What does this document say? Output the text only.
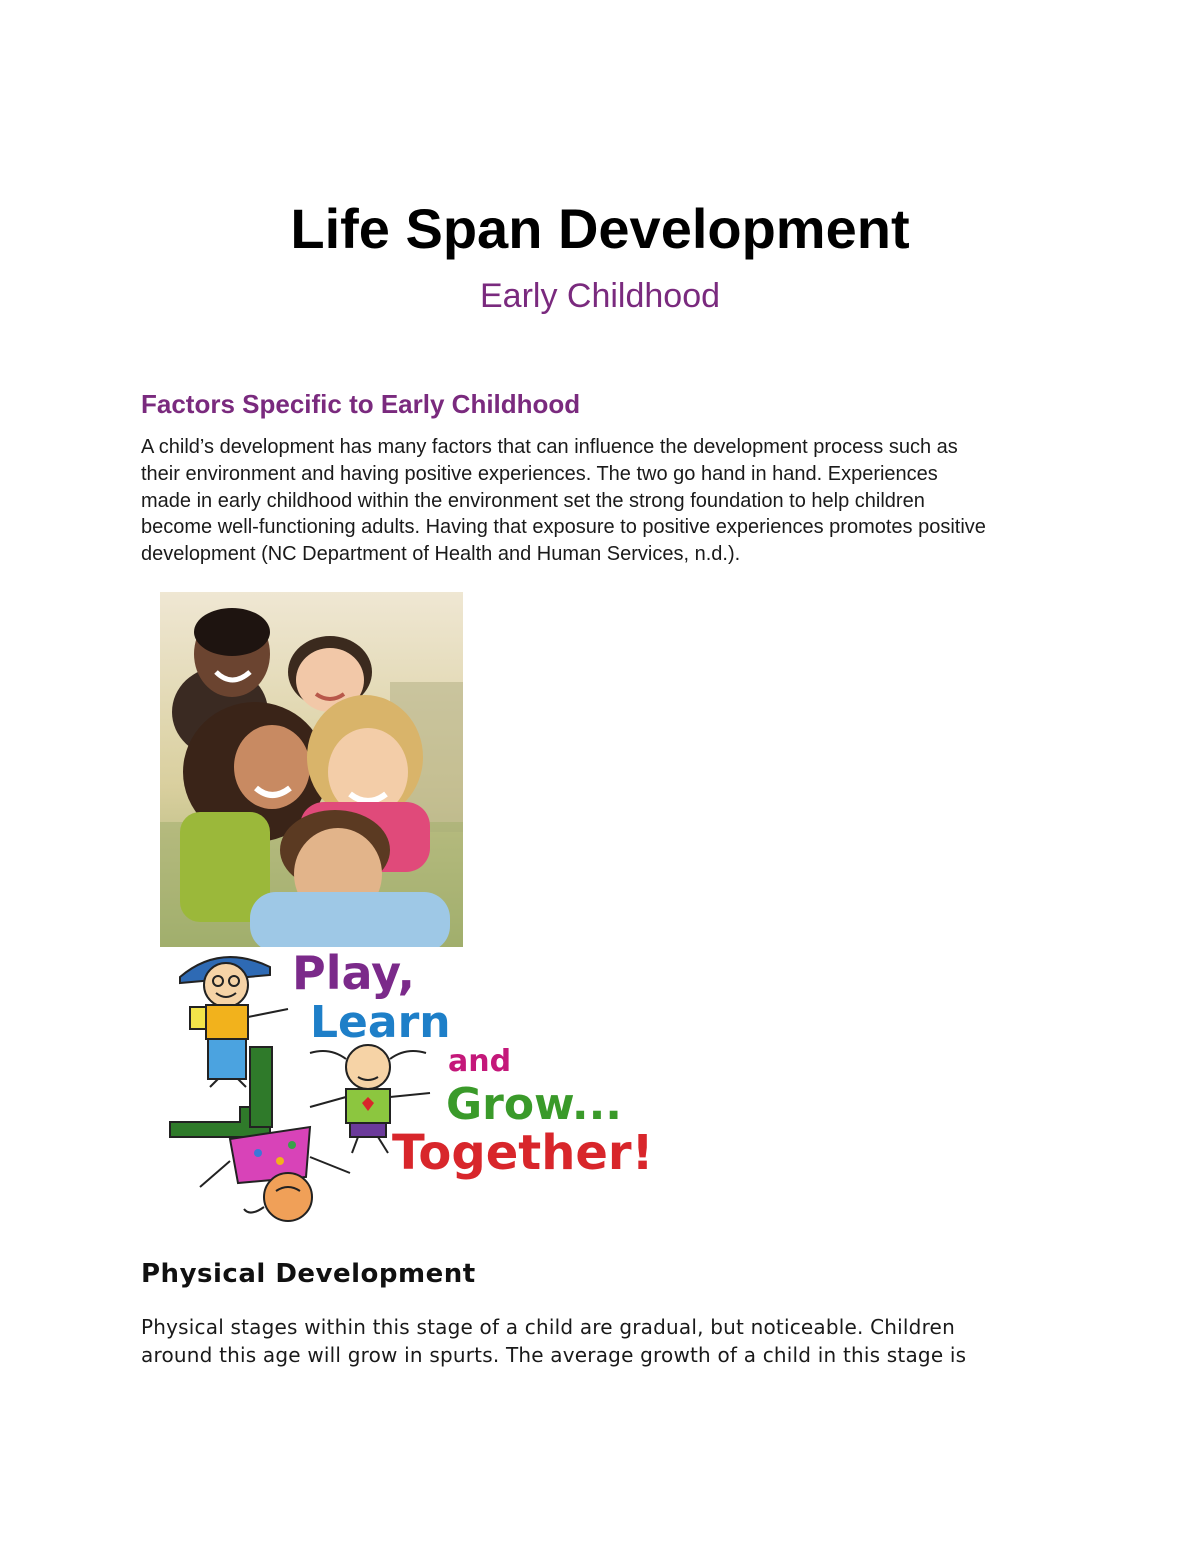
Life Span Development
Early Childhood
Factors Specific to Early Childhood

A child’s development has many factors that can influence the development process such as
their environment and having positive experiences. The two go hand in hand. Experiences
made in early childhood within the environment set the strong foundation to help children
become well-functioning adults. Having that exposure to positive experiences promotes positive
development (NC Department of Health and Human Services, n.d.).

Play,
Learn
and
Grow...
Together!
Physical Development

Physical stages within this stage of a child are gradual, but noticeable. Children
around this age will grow in spurts. The average growth of a child in this stage is
